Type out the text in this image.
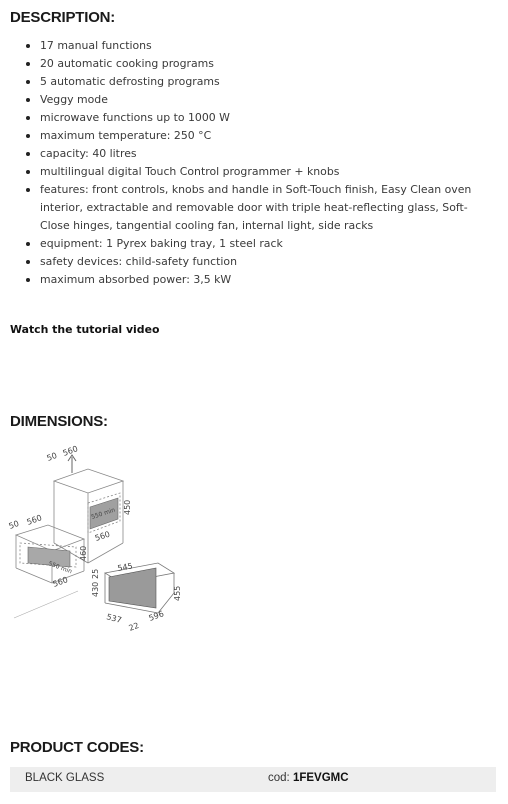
DESCRIPTION:
17 manual functions
20 automatic cooking programs
5 automatic defrosting programs
Veggy mode
microwave functions up to 1000 W
maximum temperature: 250 °C
capacity: 40 litres
multilingual digital Touch Control programmer + knobs
features: front controls, knobs and handle in Soft-Touch finish, Easy Clean oven interior, extractable and removable door with triple heat-reflecting glass, Soft-Close hinges, tangential cooling fan, internal light, side racks
equipment: 1 Pyrex baking tray, 1 steel rack
safety devices: child-safety function
maximum absorbed power: 3,5 kW
Watch the tutorial video
DIMENSIONS:
50 560
450
550 min
560
50 560
460
550 min
560
25
430
545
455
537
22
596
PRODUCT CODES:
BLACK GLASS	cod: 1FEVGMC
